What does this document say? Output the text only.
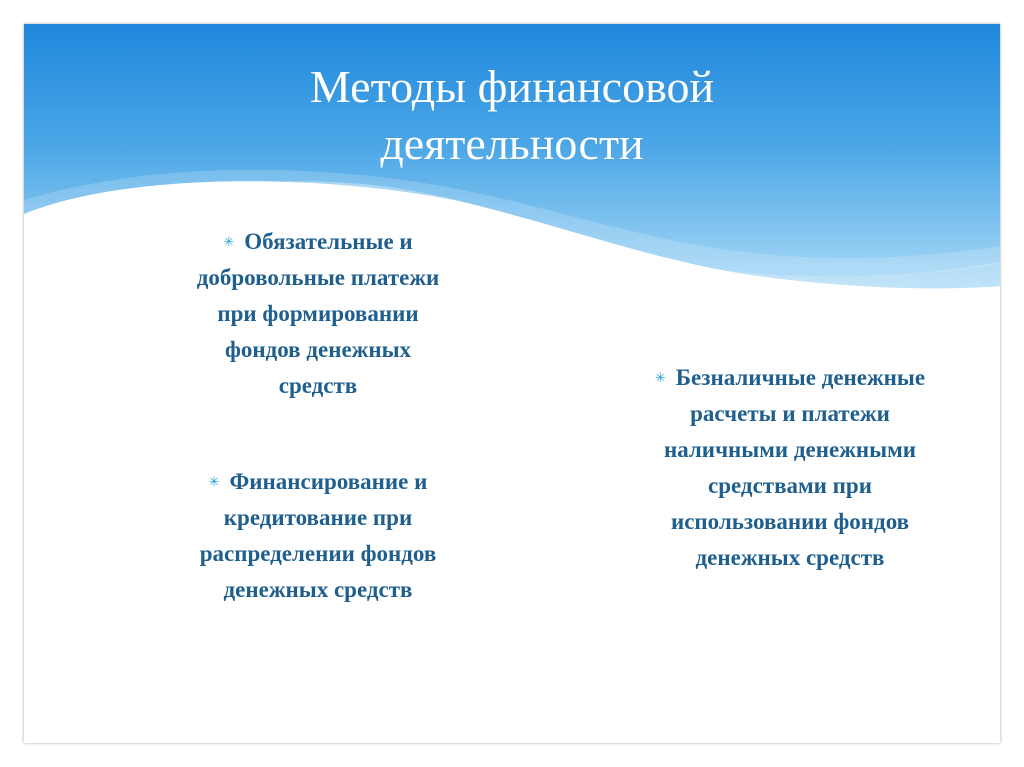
Методы финансовой
деятельности
✳ Обязательные и
добровольные платежи
при формировании
фондов денежных
средств
✳ Финансирование и
кредитование при
распределении фондов
денежных средств
✳ Безналичные денежные
расчеты и платежи
наличными денежными
средствами при
использовании фондов
денежных средств
